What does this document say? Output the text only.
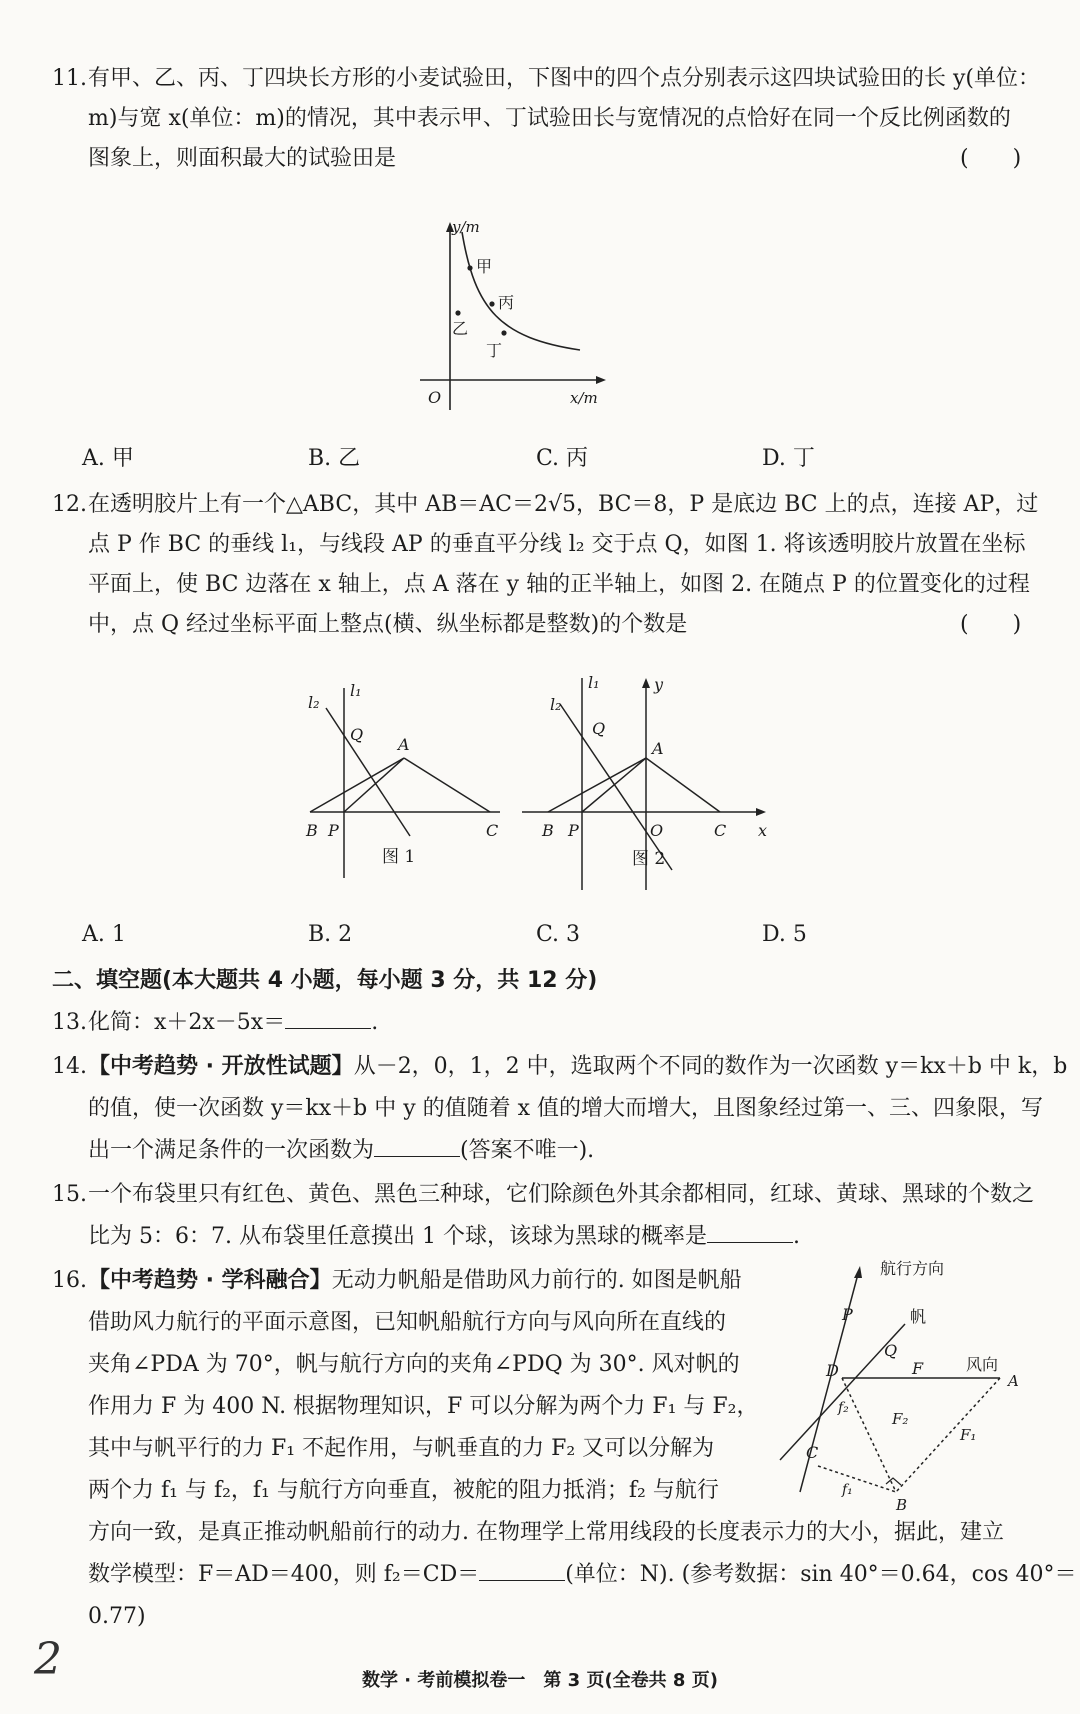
11. 有甲、乙、丙、丁四块长方形的小麦试验田，下图中的四个点分别表示这四块试验田的长 y(单位：
m)与宽 x(单位：m)的情况，其中表示甲、丁试验田长与宽情况的点恰好在同一个反比例函数的
图象上，则面积最大的试验田是	(　　)
y/m
x/m
O
甲
丙
乙
丁
A. 甲	B. 乙	C. 丙	D. 丁
12. 在透明胶片上有一个△ABC，其中 AB＝AC＝2√5，BC＝8，P 是底边 BC 上的点，连接 AP，过
点 P 作 BC 的垂线 l₁，与线段 AP 的垂直平分线 l₂ 交于点 Q，如图 1. 将该透明胶片放置在坐标
平面上，使 BC 边落在 x 轴上，点 A 落在 y 轴的正半轴上，如图 2. 在随点 P 的位置变化的过程
中，点 Q 经过坐标平面上整点(横、纵坐标都是整数)的个数是	(　　)
l₂
l₁
Q
A
B P	C
图 1
l₁	y
l₂
Q
A
B P	O	C x
图 2
A. 1	B. 2	C. 3	D. 5
二、填空题(本大题共 4 小题，每小题 3 分，共 12 分)
13. 化简：x＋2x－5x＝	.
14. 【中考趋势 · 开放性试题】从－2，0，1，2 中，选取两个不同的数作为一次函数 y＝kx＋b 中 k，b
的值，使一次函数 y＝kx＋b 中 y 的值随着 x 值的增大而增大，且图象经过第一、三、四象限，写
出一个满足条件的一次函数为	(答案不唯一).
15. 一个布袋里只有红色、黄色、黑色三种球，它们除颜色外其余都相同，红球、黄球、黑球的个数之
比为 5：6：7. 从布袋里任意摸出 1 个球，该球为黑球的概率是	.
16. 【中考趋势 · 学科融合】无动力帆船是借助风力前行的. 如图是帆船
借助风力航行的平面示意图，已知帆船航行方向与风向所在直线的
夹角∠PDA 为 70°，帆与航行方向的夹角∠PDQ 为 30°. 风对帆的
作用力 F 为 400 N. 根据物理知识，F 可以分解为两个力 F₁ 与 F₂，
其中与帆平行的力 F₁ 不起作用，与帆垂直的力 F₂ 又可以分解为
两个力 f₁ 与 f₂，f₁ 与航行方向垂直，被舵的阻力抵消；f₂ 与航行
方向一致，是真正推动帆船前行的动力. 在物理学上常用线段的长度表示力的大小，据此，建立
数学模型：F＝AD＝400，则 f₂＝CD＝	(单位：N). (参考数据：sin 40°＝0.64，cos 40°＝
0.77)
航行方向
P	帆
Q
D	F	风向
A
f₂
F₂
C
F₁
f₁
B
2	数学 · 考前模拟卷一　第 3 页(全卷共 8 页)
